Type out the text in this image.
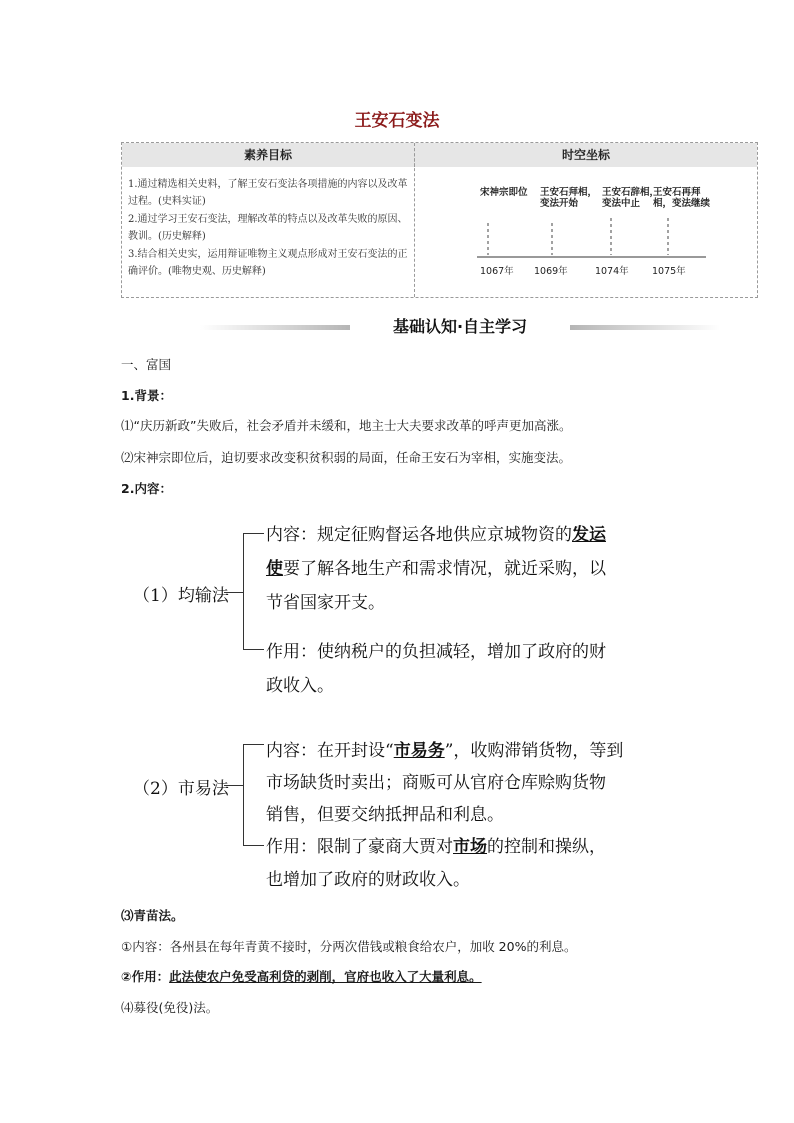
王安石变法
素养目标	时空坐标

1.通过精选相关史料，了解王安石变法各项措施的内容以及改革过程。(史料实证)

2.通过学习王安石变法，理解改革的特点以及改革失败的原因、教训。(历史解释)

3.结合相关史实，运用辩证唯物主义观点形成对王安石变法的正确评价。(唯物史观、历史解释)

宋神宗即位	王安石拜相，变法开始
王安石辞相，变法中止
王安石再拜相，变法继续
1067年 1069年	1074年 1075年
基础认知·自主学习
一、富国
1.背景：
⑴“庆历新政”失败后，社会矛盾并未缓和，地主士大夫要求改革的呼声更加高涨。
⑵宋神宗即位后，迫切要求改变积贫积弱的局面，任命王安石为宰相，实施变法。
2.内容：
（1）均输法
内容：规定征购督运各地供应京城物资的发运
使要了解各地生产和需求情况，就近采购，以
节省国家开支。
作用：使纳税户的负担减轻，增加了政府的财
政收入。
（2）市易法
内容：在开封设“市易务”，收购滞销货物，等到
市场缺货时卖出；商贩可从官府仓库赊购货物
销售，但要交纳抵押品和利息。
作用：限制了豪商大贾对市场的控制和操纵，
也增加了政府的财政收入。
⑶青苗法。
①内容：各州县在每年青黄不接时，分两次借钱或粮食给农户，加收 20%的利息。
②作用：此法使农户免受高利贷的剥削，官府也收入了大量利息。
⑷募役(免役)法。
